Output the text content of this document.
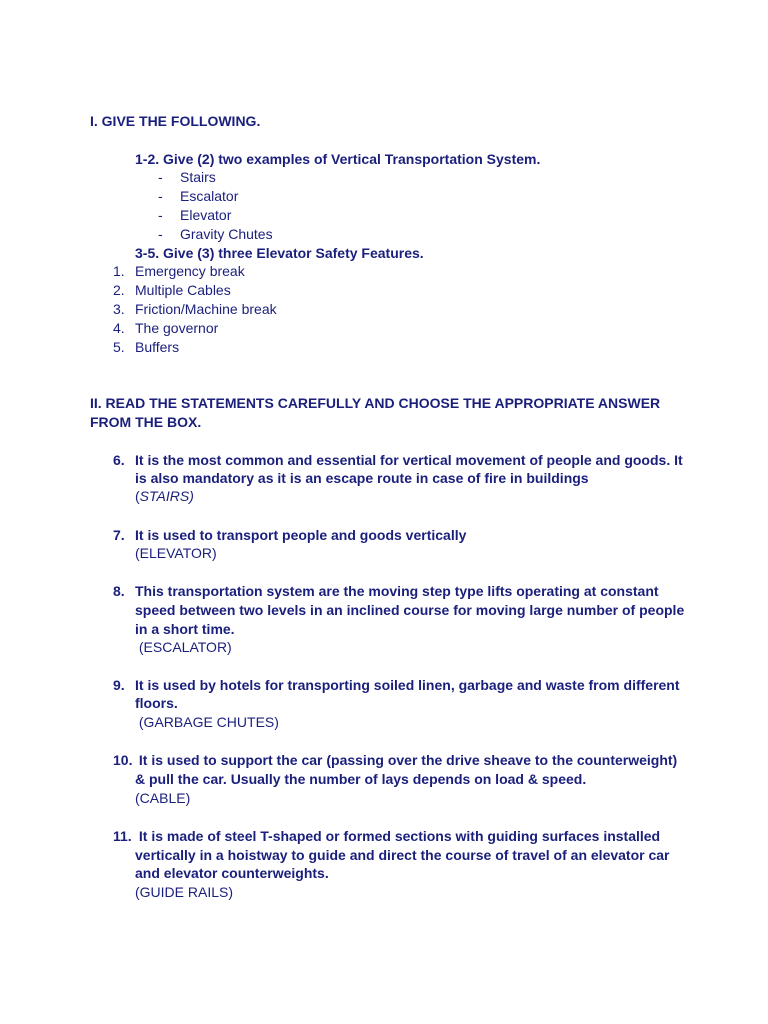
I. GIVE THE FOLLOWING.
1-2. Give (2) two examples of Vertical Transportation System.
- Stairs
- Escalator
- Elevator
- Gravity Chutes
3-5. Give (3) three Elevator Safety Features.
1. Emergency break
2. Multiple Cables
3. Friction/Machine break
4. The governor
5. Buffers
II. READ THE STATEMENTS CAREFULLY AND CHOOSE THE APPROPRIATE ANSWER
FROM THE BOX.
6. It is the most common and essential for vertical movement of people and goods. It
is also mandatory as it is an escape route in case of fire in buildings
(STAIRS)
7. It is used to transport people and goods vertically
(ELEVATOR)
8. This transportation system are the moving step type lifts operating at constant
speed between two levels in an inclined course for moving large number of people
in a short time.
(ESCALATOR)
9. It is used by hotels for transporting soiled linen, garbage and waste from different
floors.
(GARBAGE CHUTES)
10. It is used to support the car (passing over the drive sheave to the counterweight)
& pull the car. Usually the number of lays depends on load & speed.
(CABLE)
11. It is made of steel T-shaped or formed sections with guiding surfaces installed
vertically in a hoistway to guide and direct the course of travel of an elevator car
and elevator counterweights.
(GUIDE RAILS)
